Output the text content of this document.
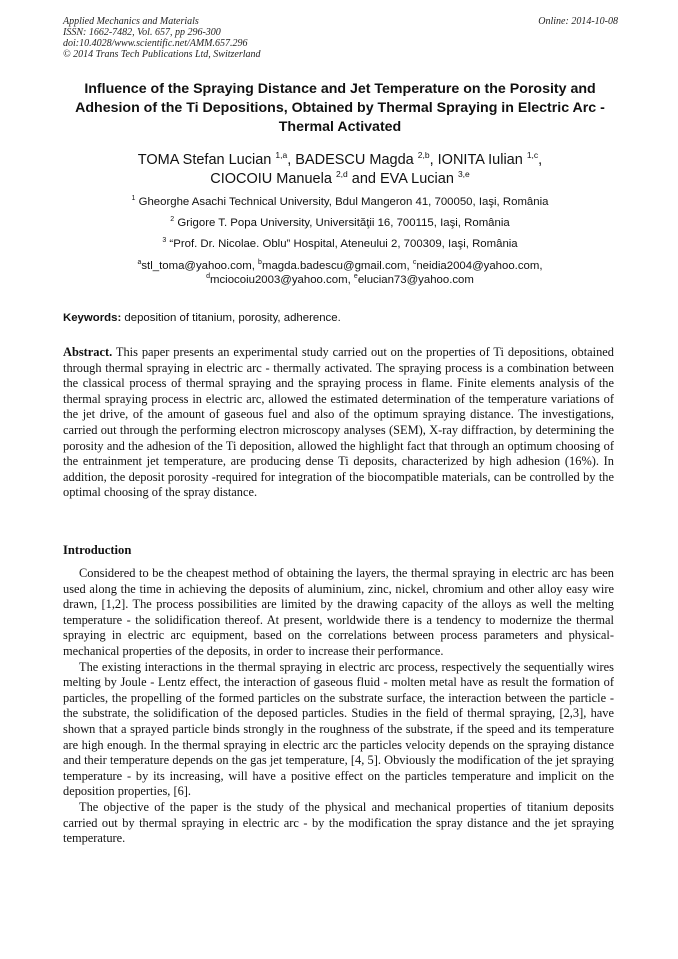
Applied Mechanics and Materials
ISSN: 1662-7482, Vol. 657, pp 296-300
doi:10.4028/www.scientific.net/AMM.657.296
© 2014 Trans Tech Publications Ltd, Switzerland
Online: 2014-10-08
Influence of the Spraying Distance and Jet Temperature on the Porosity and Adhesion of the Ti Depositions, Obtained by Thermal Spraying in Electric Arc - Thermal Activated
TOMA Stefan Lucian $^{1,a}$, BADESCU Magda $^{2,b}$, IONITA Iulian $^{1,c}$,
CIOCOIU Manuela $^{2,d}$ and EVA Lucian $^{3,e}$
$^1$ Gheorghe Asachi Technical University, Bdul Mangeron 41, 700050, Iaşi, România
$^2$ Grigore T. Popa University, Universităţii 16, 700115, Iaşi, România
$^3$ “Prof. Dr. Nicolae. Oblu” Hospital, Ateneului 2, 700309, Iaşi, România
$^a$stl_toma@yahoo.com, $^b$magda.badescu@gmail.com, $^c$neidia2004@yahoo.com,
$^d$mciocoiu2003@yahoo.com, $^e$elucian73@yahoo.com
Keywords: deposition of titanium, porosity, adherence.
Abstract. This paper presents an experimental study carried out on the properties of Ti depositions, obtained through thermal spraying in electric arc - thermally activated. The spraying process is a combination between the classical process of thermal spraying and the spraying process in flame. Finite elements analysis of the thermal spraying process in electric arc, allowed the estimated determination of the temperature variations of the jet drive, of the amount of gaseous fuel and also of the optimum spraying distance. The investigations, carried out through the performing electron microscopy analyses (SEM), X-ray diffraction, by determining the porosity and the adhesion of the Ti deposition, allowed the highlight fact that through an optimum choosing of the entrainment jet temperature, are producing dense Ti deposits, characterized by high adhesion (16%). In addition, the deposit porosity -required for integration of the biocompatible materials, can be controlled by the optimal choosing of the spray distance.
Introduction

Considered to be the cheapest method of obtaining the layers, the thermal spraying in electric arc has been used along the time in achieving the deposits of aluminium, zinc, nickel, chromium and other alloy easy wire drawn, [1,2]. The process possibilities are limited by the drawing capacity of the alloys as well the melting temperature - the solidification thereof. At present, worldwide there is a tendency to modernize the thermal spraying in electric arc equipment, based on the correlations between process parameters and physical-mechanical properties of the deposits, in order to increase their performance.

The existing interactions in the thermal spraying in electric arc process, respectively the sequentially wires melting by Joule - Lentz effect, the interaction of gaseous fluid - molten metal have as result the formation of particles, the propelling of the formed particles on the substrate surface, the interaction between the particle - the substrate, the solidification of the deposed particles. Studies in the field of thermal spraying, [2,3], have shown that a sprayed particle binds strongly in the roughness of the substrate, if the speed and its temperature are high enough. In the thermal spraying in electric arc the particles velocity depends on the spraying distance and their temperature depends on the gas jet temperature, [4, 5]. Obviously the modification of the jet spraying temperature - by its increasing, will have a positive effect on the particles temperature and implicit on the deposition properties, [6].

The objective of the paper is the study of the physical and mechanical properties of titanium deposits carried out by thermal spraying in electric arc - by the modification the spray distance and the jet spraying temperature.
